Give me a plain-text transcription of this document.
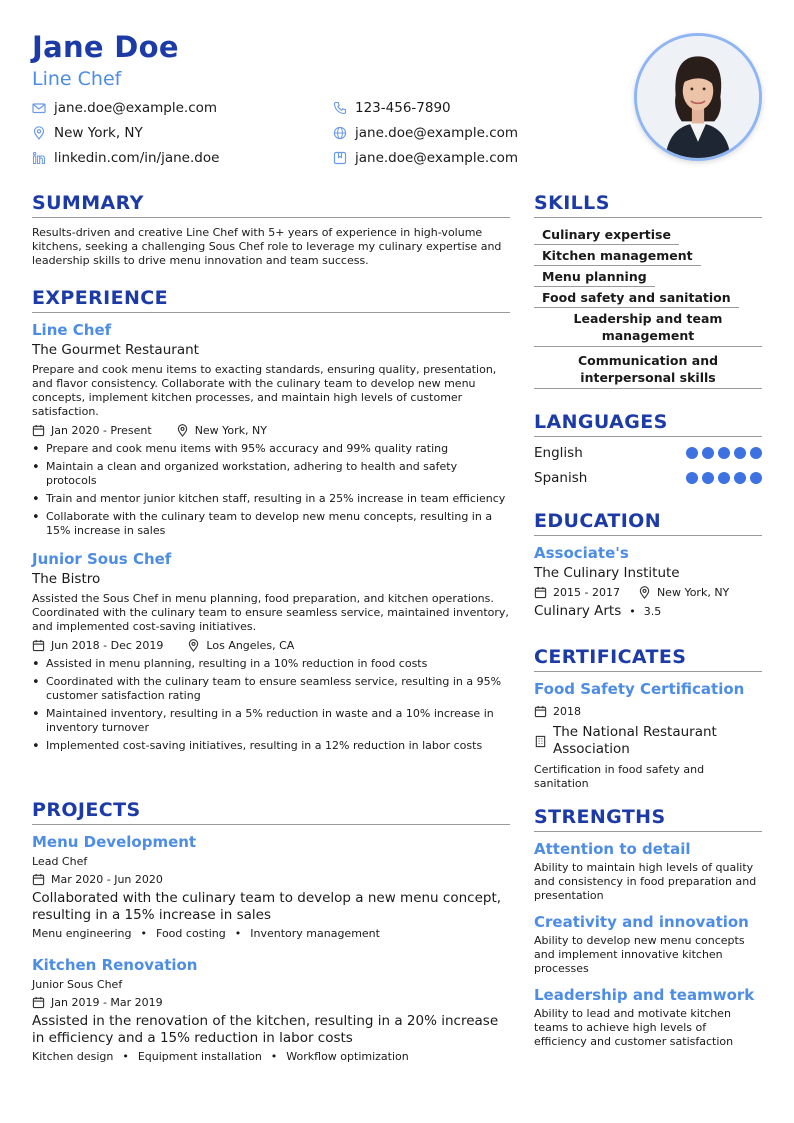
Jane Doe
Line Chef
jane.doe@example.com	123-456-7890
New York, NY	jane.doe@example.com
linkedin.com/in/jane.doe	jane.doe@example.com
SUMMARY
Results-driven and creative Line Chef with 5+ years of experience in high-volume kitchens, seeking a challenging Sous Chef role to leverage my culinary expertise and leadership skills to drive menu innovation and team success.
EXPERIENCE
Line Chef
The Gourmet Restaurant
Prepare and cook menu items to exacting standards, ensuring quality, presentation, and flavor consistency. Collaborate with the culinary team to develop new menu concepts, implement kitchen processes, and maintain high levels of customer satisfaction.
Jan 2020 - Present	New York, NY
• Prepare and cook menu items with 95% accuracy and 99% quality rating
• Maintain a clean and organized workstation, adhering to health and safety protocols
• Train and mentor junior kitchen staff, resulting in a 25% increase in team efficiency
• Collaborate with the culinary team to develop new menu concepts, resulting in a 15% increase in sales
Junior Sous Chef
The Bistro
Assisted the Sous Chef in menu planning, food preparation, and kitchen operations. Coordinated with the culinary team to ensure seamless service, maintained inventory, and implemented cost-saving initiatives.
Jun 2018 - Dec 2019	Los Angeles, CA
• Assisted in menu planning, resulting in a 10% reduction in food costs
• Coordinated with the culinary team to ensure seamless service, resulting in a 95% customer satisfaction rating
• Maintained inventory, resulting in a 5% reduction in waste and a 10% increase in inventory turnover
• Implemented cost-saving initiatives, resulting in a 12% reduction in labor costs
PROJECTS
Menu Development
Lead Chef
Mar 2020 - Jun 2020
Collaborated with the culinary team to develop a new menu concept, resulting in a 15% increase in sales
Menu engineering • Food costing • Inventory management
Kitchen Renovation
Junior Sous Chef
Jan 2019 - Mar 2019
Assisted in the renovation of the kitchen, resulting in a 20% increase in efficiency and a 15% reduction in labor costs
Kitchen design • Equipment installation • Workflow optimization
SKILLS
Culinary expertise
Kitchen management
Menu planning
Food safety and sanitation
Leadership and team management
Communication and interpersonal skills
LANGUAGES
English
Spanish
EDUCATION
Associate's
The Culinary Institute
2015 - 2017	New York, NY
Culinary Arts • 3.5
CERTIFICATES
Food Safety Certification
2018
The National Restaurant Association
Certification in food safety and sanitation
STRENGTHS
Attention to detail
Ability to maintain high levels of quality and consistency in food preparation and presentation
Creativity and innovation
Ability to develop new menu concepts and implement innovative kitchen processes
Leadership and teamwork
Ability to lead and motivate kitchen teams to achieve high levels of efficiency and customer satisfaction
